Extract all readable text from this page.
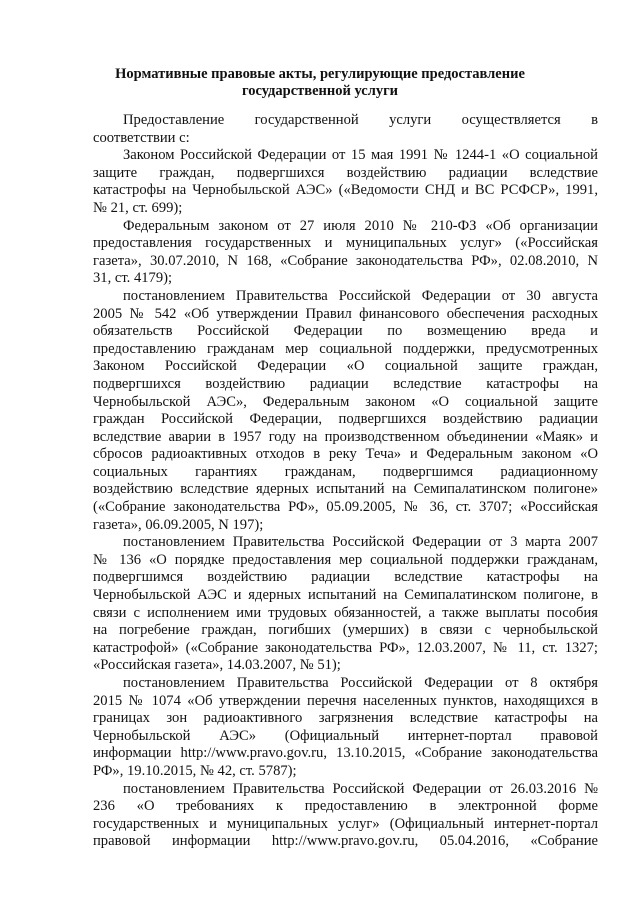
Нормативные правовые акты, регулирующие предоставление
государственной услуги
Предоставление государственной услуги осуществляется в
соответствии с:
Законом Российской Федерации от 15 мая 1991 № 1244-1 «О социальной
защите граждан, подвергшихся воздействию радиации вследствие
катастрофы на Чернобыльской АЭС» («Ведомости СНД и ВС РСФСР», 1991,
№ 21, ст. 699);
Федеральным законом от 27 июля 2010 № 210-ФЗ «Об организации
предоставления государственных и муниципальных услуг» («Российская
газета», 30.07.2010, N 168, «Собрание законодательства РФ», 02.08.2010, N
31, ст. 4179);
постановлением Правительства Российской Федерации от 30 августа
2005 № 542 «Об утверждении Правил финансового обеспечения расходных
обязательств Российской Федерации по возмещению вреда и
предоставлению гражданам мер социальной поддержки, предусмотренных
Законом Российской Федерации «О социальной защите граждан,
подвергшихся воздействию радиации вследствие катастрофы на
Чернобыльской АЭС», Федеральным законом «О социальной защите
граждан Российской Федерации, подвергшихся воздействию радиации
вследствие аварии в 1957 году на производственном объединении «Маяк» и
сбросов радиоактивных отходов в реку Теча» и Федеральным законом «О
социальных гарантиях гражданам, подвергшимся радиационному
воздействию вследствие ядерных испытаний на Семипалатинском полигоне»
(«Собрание законодательства РФ», 05.09.2005, № 36, ст. 3707; «Российская
газета», 06.09.2005, N 197);
постановлением Правительства Российской Федерации от 3 марта 2007
№ 136 «О порядке предоставления мер социальной поддержки гражданам,
подвергшимся воздействию радиации вследствие катастрофы на
Чернобыльской АЭС и ядерных испытаний на Семипалатинском полигоне, в
связи с исполнением ими трудовых обязанностей, а также выплаты пособия
на погребение граждан, погибших (умерших) в связи с чернобыльской
катастрофой» («Собрание законодательства РФ», 12.03.2007, № 11, ст. 1327;
«Российская газета», 14.03.2007, № 51);
постановлением Правительства Российской Федерации от 8 октября
2015 № 1074 «Об утверждении перечня населенных пунктов, находящихся в
границах зон радиоактивного загрязнения вследствие катастрофы на
Чернобыльской АЭС» (Официальный интернет-портал правовой
информации http://www.pravo.gov.ru, 13.10.2015, «Собрание законодательства
РФ», 19.10.2015, № 42, ст. 5787);
постановлением Правительства Российской Федерации от 26.03.2016 №
236 «О требованиях к предоставлению в электронной форме
государственных и муниципальных услуг» (Официальный интернет-портал
правовой информации http://www.pravo.gov.ru, 05.04.2016, «Собрание
